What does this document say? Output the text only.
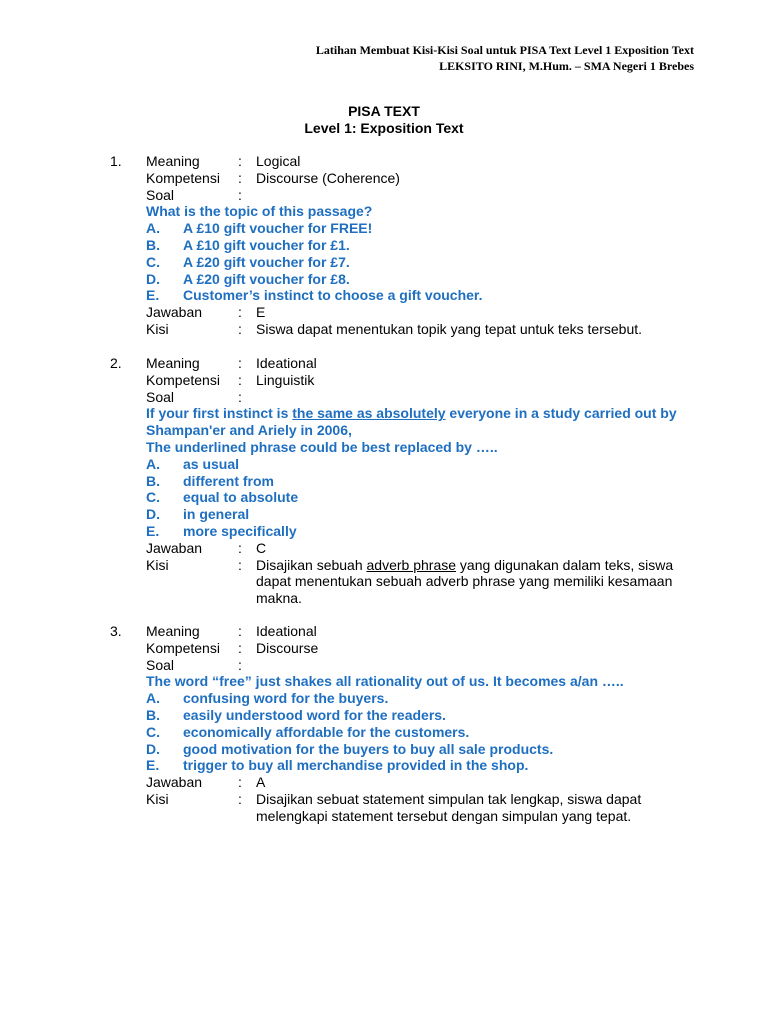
Latihan Membuat Kisi-Kisi Soal untuk PISA Text Level 1 Exposition Text
LEKSITO RINI, M.Hum. – SMA Negeri 1 Brebes
PISA TEXT
Level 1: Exposition Text
1. Meaning	: Logical
Kompetensi : Discourse (Coherence)
Soal	:
What is the topic of this passage?
A. A £10 gift voucher for FREE!
B. A £10 gift voucher for £1.
C. A £20 gift voucher for £7.
D. A £20 gift voucher for £8.
E. Customer’s instinct to choose a gift voucher.
Jawaban	: E
Kisi	: Siswa dapat menentukan topik yang tepat untuk teks tersebut.
2. Meaning	: Ideational
Kompetensi : Linguistik
Soal	:
If your first instinct is the same as absolutely everyone in a study carried out by Shampan'er and Ariely in 2006,
The underlined phrase could be best replaced by …..
A. as usual
B. different from
C. equal to absolute
D. in general
E. more specifically
Jawaban	: C
Kisi	: Disajikan sebuah adverb phrase yang digunakan dalam teks, siswa dapat menentukan sebuah adverb phrase yang memiliki kesamaan makna.
3. Meaning	: Ideational
Kompetensi : Discourse
Soal	:
The word “free” just shakes all rationality out of us. It becomes a/an …..
A. confusing word for the buyers.
B. easily understood word for the readers.
C. economically affordable for the customers.
D. good motivation for the buyers to buy all sale products.
E. trigger to buy all merchandise provided in the shop.
Jawaban	: A
Kisi	: Disajikan sebuat statement simpulan tak lengkap, siswa dapat melengkapi statement tersebut dengan simpulan yang tepat.
